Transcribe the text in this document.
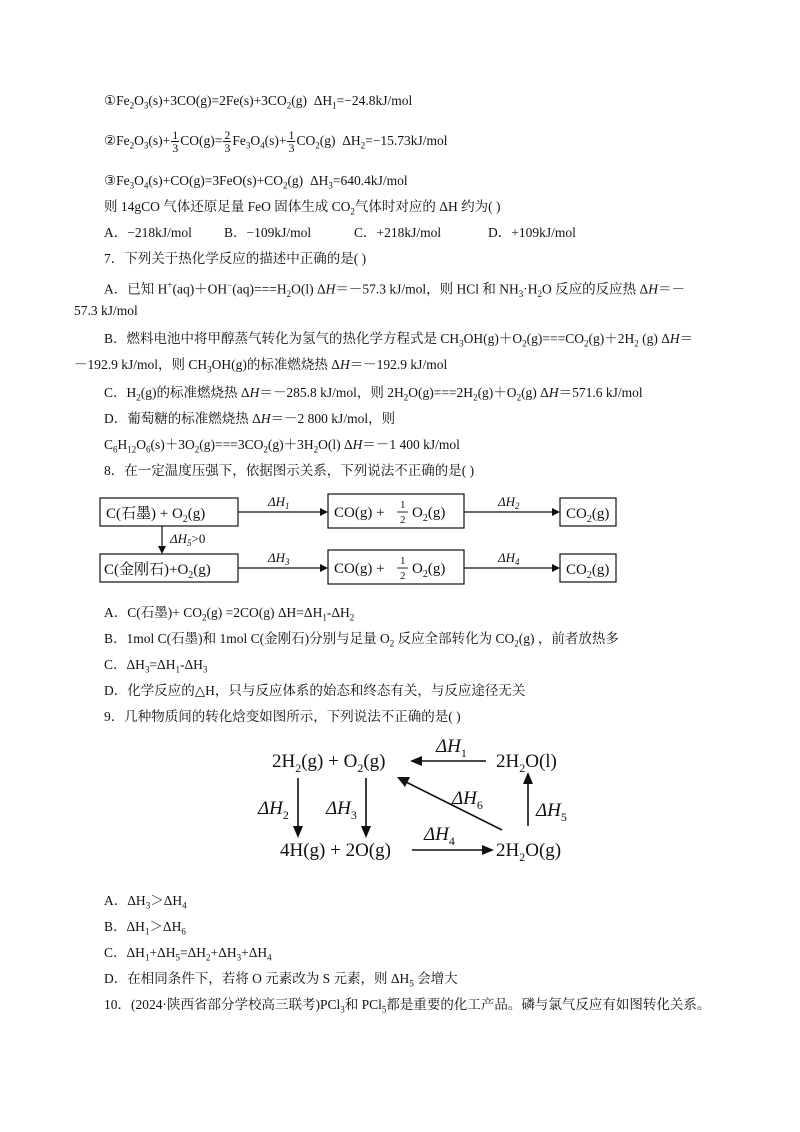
$①Fe_2O_3(s)+3CO(g)=2Fe(s)+3CO_2(g)$ $\Delta H_1=-24.8kJ$/mol
$②Fe_2O_3(s)+ \frac{1}{3} CO(g)= \frac{2}{3} Fe_3O_4(s)+ \frac{1}{3} CO_2(g)$  $\Delta H_2=-15.73kJ$/mol
$③Fe_3O_4(s)+CO(g)=3FeO(s)+CO_2(g)$  $\Delta H_3=640.4kJ$/mol
则 14gCO 气体还原足量 FeO 固体生成 $CO_2$气体时对应的 ΔH 约为( )
A．−218kJ/mol B．−109kJ/mol	C．+218kJ/mol	D．+109kJ/mol
7．下列关于热化学反应的描述中正确的是( )
A．已知 $H^+(aq)+OH^-(aq)===H_2O(l)$ ΔH＝－57.3 kJ/mol，则 HCl 和 $NH_3\cdot H_2O$ 反应的反应热 ΔH＝－
57.3 kJ/mol
B．燃料电池中将甲醇蒸气转化为氢气的热化学方程式是 $CH_3OH(g)+O_2(g)===CO_2(g)+2H_2$ (g) ΔH＝
－192.9 kJ/mol，则 $CH_3OH(g)$的标准燃烧热 ΔH＝－192.9 kJ/mol
C．$H_2(g)$的标准燃烧热 ΔH＝－285.8 kJ/mol，则 $2H_2O(g)===2H_2(g)+O_2(g)$ ΔH＝571.6 kJ/mol
D．葡萄糖的标准燃烧热 ΔH＝－2 800 kJ/mol，则
$C_6H_{12}O_6(s)+3O_2(g)===3CO_2(g)+3H_2O(l)$ ΔH＝－1 400 kJ/mol
8．在一定温度压强下，依据图示关系，下列说法不正确的是( )
C(石墨) + $O_2(g)$	CO(g) + 1
2 $O_2(g)$	$CO_2(g)$
C(金刚石)$+O_2(g)$	CO(g) + 1
2 $O_2(g)$	$CO_2(g)$
$\Delta H_1$	$\Delta H_2$
$\Delta H_3$	$\Delta H_4$
$\Delta H_5>0$
A．C(石墨)+ $CO_2(g) =2CO(g)$ $\Delta H=\Delta H_1-\Delta H_2$
B．1mol C(石墨)和 1mol C(金刚石)分别与足量 $O_2$ 反应全部转化为 $CO_2(g)$ ，前者放热多
C．$\Delta H_3=\Delta H_1-\Delta H_3$
D．化学反应的△H，只与反应体系的始态和终态有关，与反应途径无关
9．几种物质间的转化焓变如图所示，下列说法不正确的是( )
$2H_2(g) + O_2(g)$	$2H_2O(l)$
4H(g) + 2O(g)	$2H_2O(g)$
$\Delta H_1$
$\Delta H_2$ $\Delta H_3$
$\Delta H_4$
$\Delta H_5$
$\Delta H_6$
A．$\Delta H_3>\Delta H_4$
B．$\Delta H_1>\Delta H_6$
C．$\Delta H_1+\Delta H_5=\Delta H_2+\Delta H_3+\Delta H_4$
D．在相同条件下，若将 O 元素改为 S 元素，则 $\Delta H_5$ 会增大
10．(2024·陕西省部分学校高三联考)PCl$_3$和 PCl$_5$都是重要的化工产品。磷与氯气反应有如图转化关系。
